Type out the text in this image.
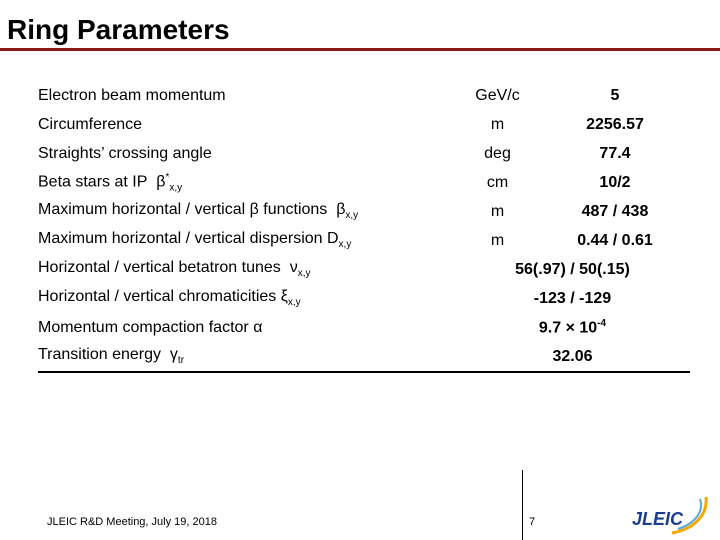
Ring Parameters
Electron beam momentum	GeV/c	5
Circumference	m	2256.57
Straights’ crossing angle	deg	77.4
Beta stars at IP $\beta^*_{x,y}$	cm	10/2
Maximum horizontal / vertical β functions $\beta_{x,y}$	m	487 / 438
Maximum horizontal / vertical dispersion $D_{x,y}$	m	0.44 / 0.61
Horizontal / vertical betatron tunes $\nu_{x,y}$	56(.97) / 50(.15)	
Horizontal / vertical chromaticities $\xi_{x,y}$	-123 / -129	
Momentum compaction factor α	$9.7 \times 10^{-4}$
Transition energy $\gamma_{tr}$	32.06	
JLEIC R&D Meeting, July 19, 2018	7	JLEIC
